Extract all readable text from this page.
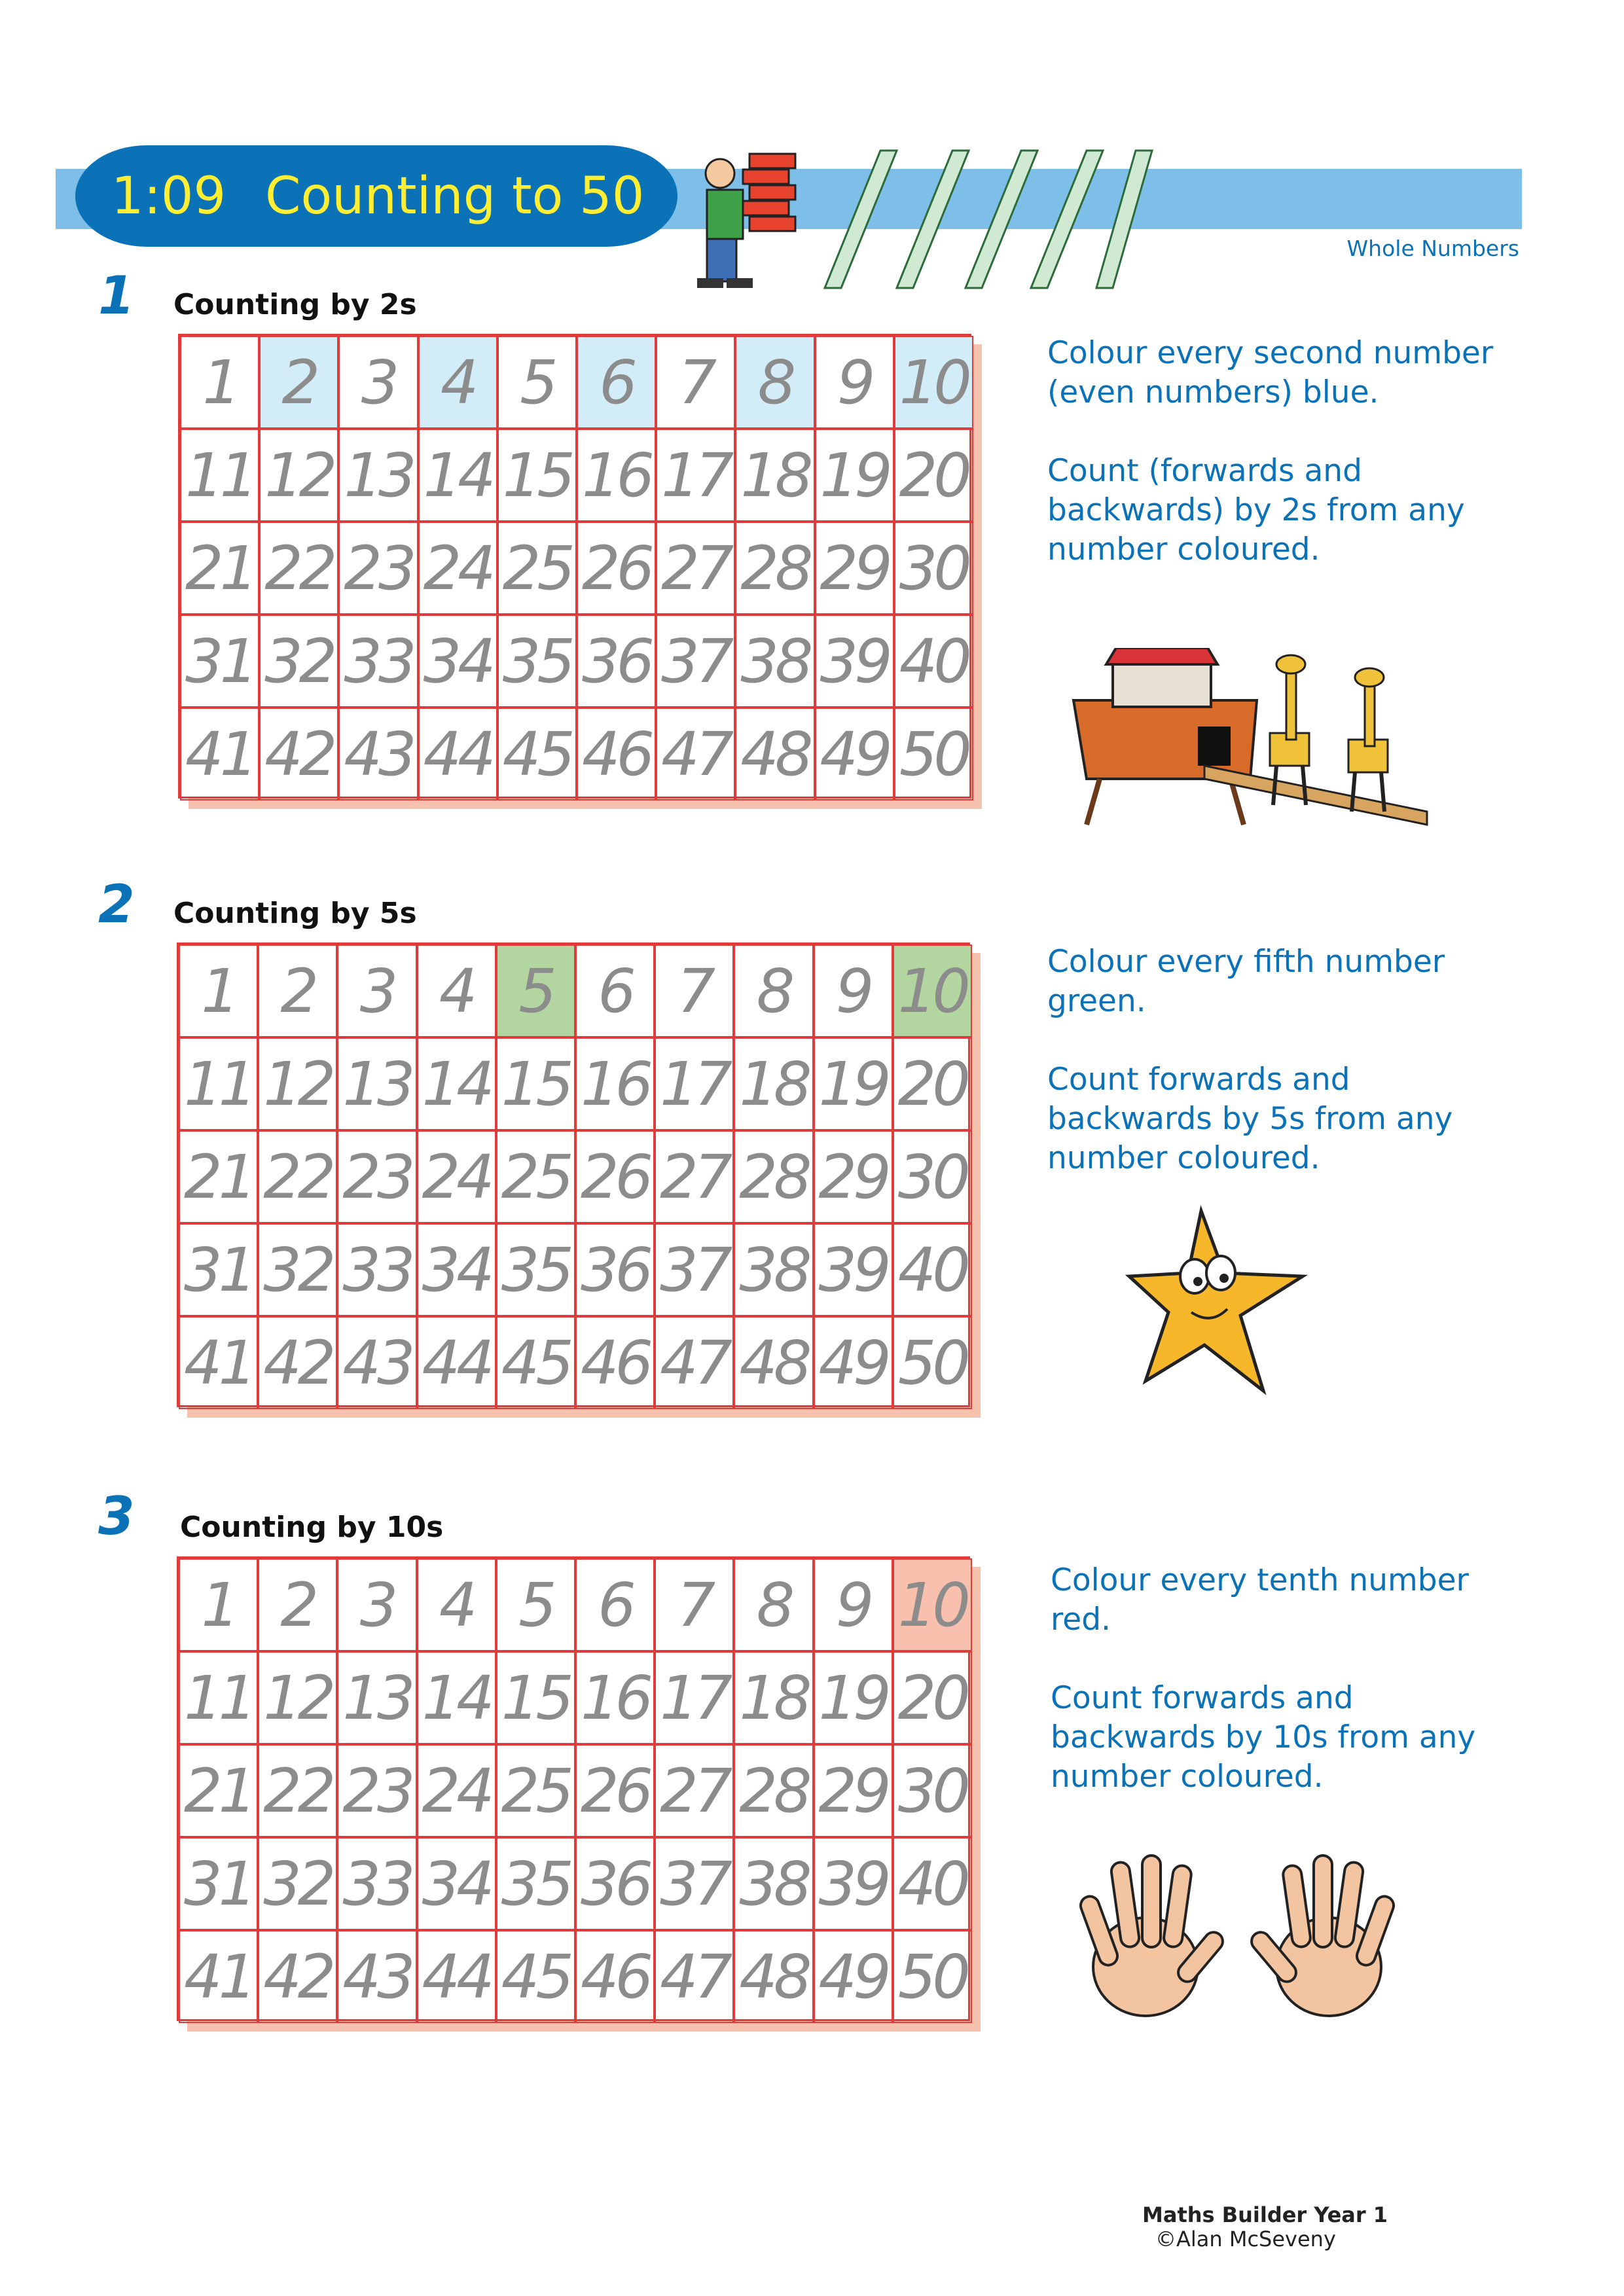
1:09 Counting to 50
Whole Numbers
1 Counting by 2s
1 2 3 4 5 6 7 8 9 10
11 12 13 14 15 16 17 18 19 20
21 22 23 24 25 26 27 28 29 30
31 32 33 34 35 36 37 38 39 40
41 42 43 44 45 46 47 48 49 50

Colour every second number (even numbers) blue.

Count (forwards and backwards) by 2s from any number coloured.

2 Counting by 5s
1 2 3 4 5 6 7 8 9 10
11 12 13 14 15 16 17 18 19 20
21 22 23 24 25 26 27 28 29 30
31 32 33 34 35 36 37 38 39 40
41 42 43 44 45 46 47 48 49 50

Colour every fifth number green.

Count forwards and backwards by 5s from any number coloured.

3 Counting by 10s
1 2 3 4 5 6 7 8 9 10
11 12 13 14 15 16 17 18 19 20
21 22 23 24 25 26 27 28 29 30
31 32 33 34 35 36 37 38 39 40
41 42 43 44 45 46 47 48 49 50

Colour every tenth number red.

Count forwards and backwards by 10s from any number coloured.

Maths Builder Year 1
©Alan McSeveny
